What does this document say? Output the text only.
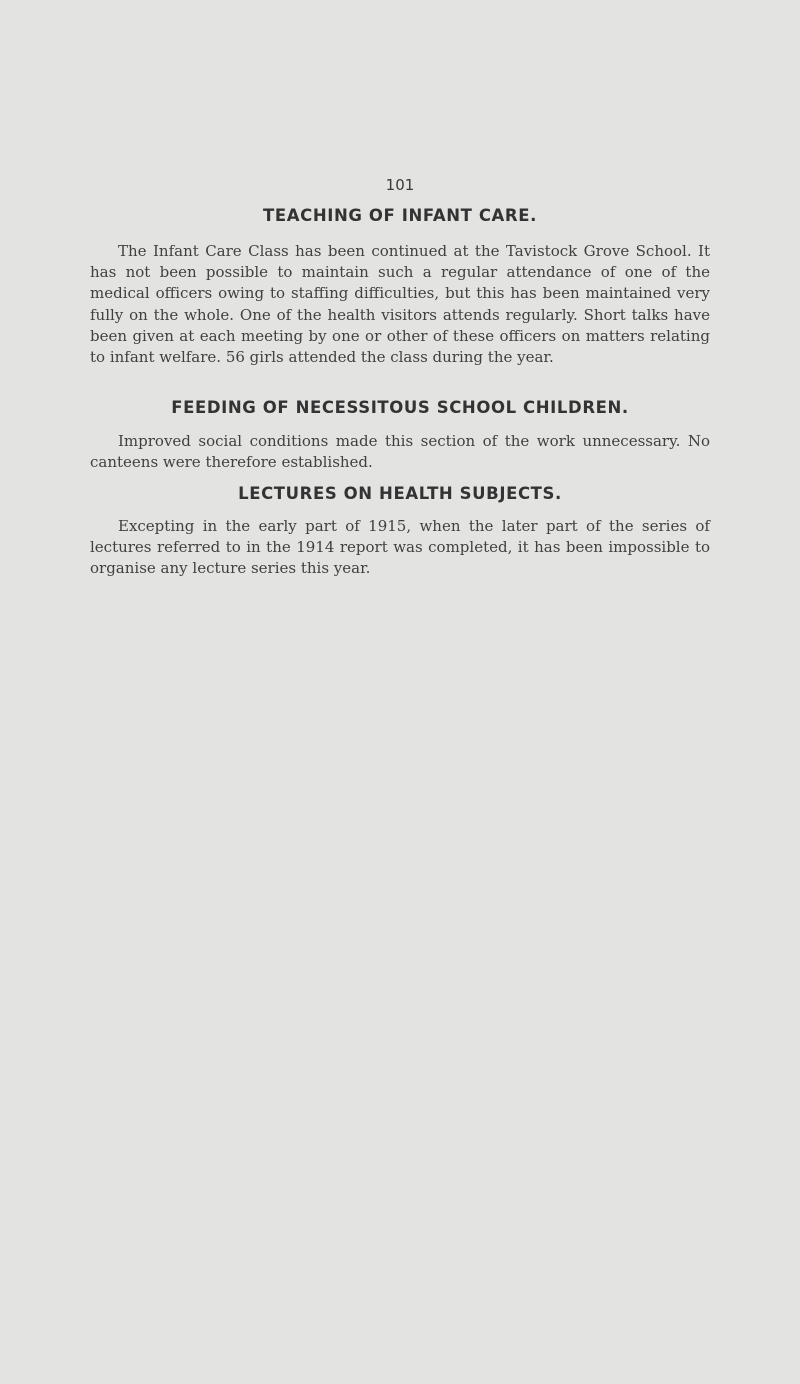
101
TEACHING OF INFANT CARE.

The Infant Care Class has been continued at the Tavistock Grove School. It has not been possible to maintain such a regular attendance of one of the medical officers owing to staffing difficulties, but this has been maintained very fully on the whole. One of the health visitors attends regularly. Short talks have been given at each meeting by one or other of these officers on matters relating to infant welfare. 56 girls attended the class during the year.

FEEDING OF NECESSITOUS SCHOOL CHILDREN.

Improved social conditions made this section of the work unnecessary. No canteens were therefore established.

LECTURES ON HEALTH SUBJECTS.

Excepting in the early part of 1915, when the later part of the series of lectures referred to in the 1914 report was completed, it has been impossible to organise any lecture series this year.
